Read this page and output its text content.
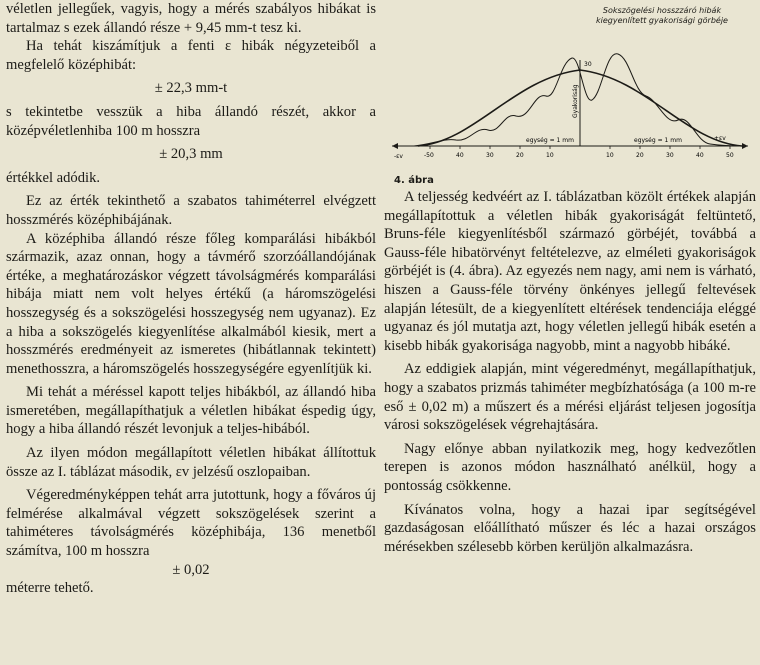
véletlen jellegűek, vagyis, hogy a mérés szabályos hibákat is tartalmaz s ezek állandó része + 9,45 mm-t tesz ki.

Ha tehát kiszámítjuk a fenti ε hibák négyzeteiből a megfelelő középhibát:

± 22,3 mm-t

s tekintetbe vesszük a hiba állandó részét, akkor a középvéletlenhiba 100 m hosszra

± 20,3 mm

értékkel adódik.

Ez az érték tekinthető a szabatos tahiméterrel elvégzett hosszmérés középhibájának.

A középhiba állandó része főleg komparálási hibákból származik, azaz onnan, hogy a távmérő szorzóállandójának értéke, a meghatározáskor végzett távolságmérés komparálási hibája miatt nem volt helyes értékű (a háromszögelési hosszegység és a sokszögelési hosszegység nem ugyanaz). Ez a hiba a sokszögelés kiegyenlítése alkalmából kiesik, mert a hosszmérés eredményeit az ismeretes (hibátlannak tekintett) menethosszra, a háromszögelés hosszegységére egyenlítjük ki.

Mi tehát a méréssel kapott teljes hibákból, az állandó hiba ismeretében, megállapíthatjuk a véletlen hibákat éspedig úgy, hogy a hiba állandó részét levonjuk a teljes-hibából.

Az ilyen módon megállapított véletlen hibákat állítottuk össze az I. táblázat második, εv jelzésű oszlopaiban.

Végeredményképpen tehát arra jutottunk, hogy a főváros új felmérése alkalmával végzett sokszögelések szerint a tahiméteres távolságmérés középhibája, 136 menetből számítva, 100 m hosszra

± 0,02

méterre tehető.

-εv
+εv
egység = 1 mm	egység = 1 mm
30
Gyakoriság
-50	40	30	20	10	10	20	30	40	50
Sokszögelési hosszzáró hibák kiegyenlített gyakorisági görbéje
4. ábra

A teljesség kedvéért az I. táblázatban közölt értékek alapján megállapítottuk a véletlen hibák gyakoriságát feltüntető, Bruns-féle kiegyenlítésből származó görbéjét, továbbá a Gauss-féle hibatörvényt feltételezve, az elméleti gyakoriságok görbéjét is (4. ábra). Az egyezés nem nagy, ami nem is várható, hiszen a Gauss-féle törvény önkényes jellegű feltevések alapján létesült, de a kiegyenlített eltérések tendenciája eléggé ugyanaz és jól mutatja azt, hogy véletlen jellegű hibák esetén a kisebb hibák gyakorisága nagyobb, mint a nagyobb hibáké.

Az eddigiek alapján, mint végeredményt, megállapíthatjuk, hogy a szabatos prizmás tahiméter megbízhatósága (a 100 m-re eső ± 0,02 m) a műszert és a mérési eljárást teljesen jogosítja városi sokszögelések végrehajtására.

Nagy előnye abban nyilatkozik meg, hogy kedvezőtlen terepen is azonos módon használható anélkül, hogy a pontosság csökkenne.

Kívánatos volna, hogy a hazai ipar segítségével gazdaságosan előállítható műszer és léc a hazai országos mérésekben szélesebb körben kerüljön alkalmazásra.
